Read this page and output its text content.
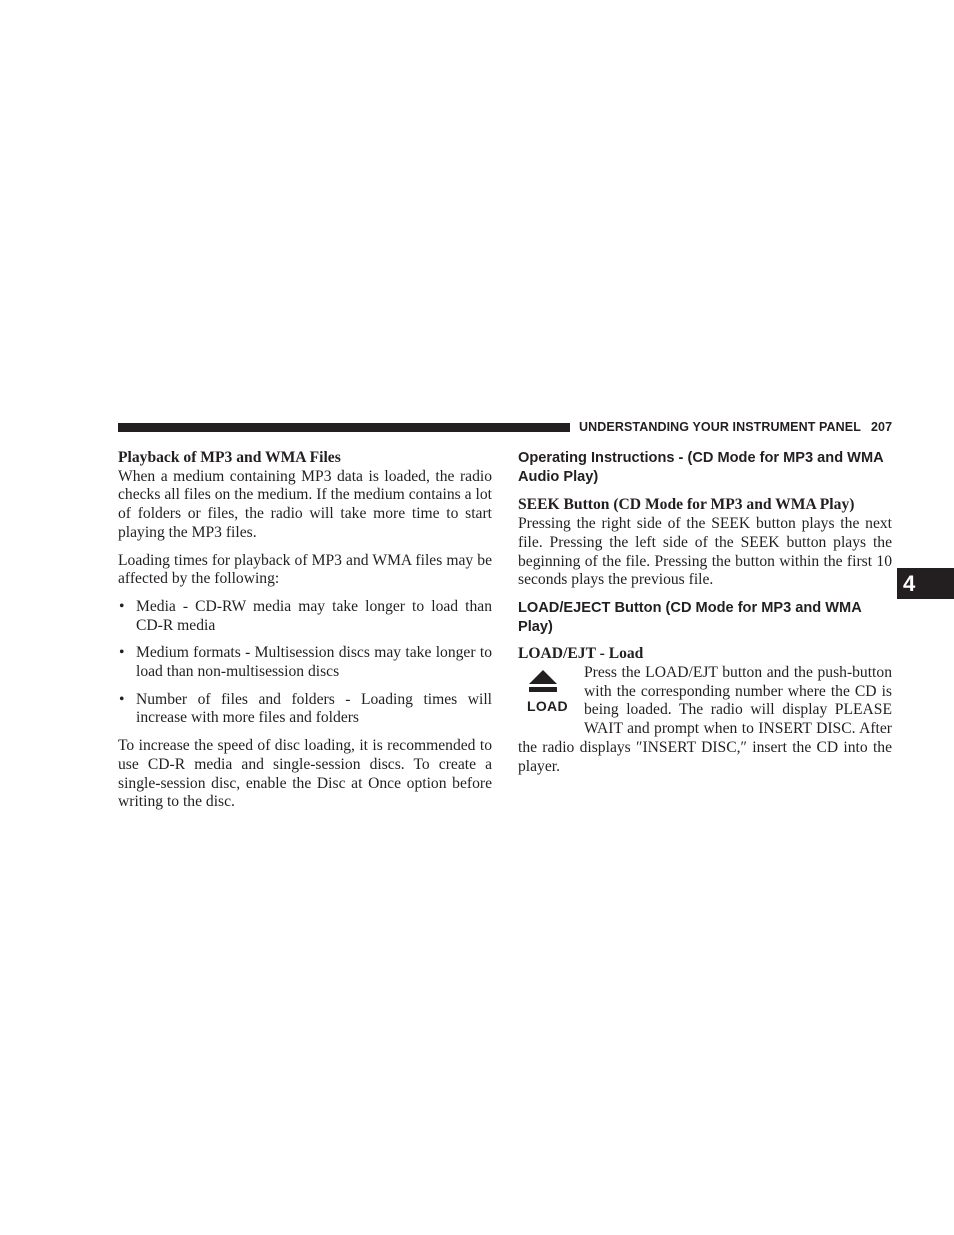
UNDERSTANDING YOUR INSTRUMENT PANEL 207
4

Playback of MP3 and WMA Files

When a medium containing MP3 data is loaded, the radio checks all files on the medium. If the medium contains a lot of folders or files, the radio will take more time to start playing the MP3 files.

Loading times for playback of MP3 and WMA files may be affected by the following:

• Media - CD-RW media may take longer to load than CD-R media
• Medium formats - Multisession discs may take longer to load than non-multisession discs
• Number of files and folders - Loading times will increase with more files and folders

To increase the speed of disc loading, it is recommended to use CD-R media and single-session discs. To create a single-session disc, enable the Disc at Once option before writing to the disc.

Operating Instructions - (CD Mode for MP3 and WMA Audio Play)

SEEK Button (CD Mode for MP3 and WMA Play)

Pressing the right side of the SEEK button plays the next file. Pressing the left side of the SEEK button plays the beginning of the file. Pressing the button within the first 10 seconds plays the previous file.

LOAD/EJECT Button (CD Mode for MP3 and WMA Play)

LOAD/EJT - Load

LOAD

Press the LOAD/EJT button and the push-button with the corresponding number where the CD is being loaded. The radio will display PLEASE WAIT and prompt when to INSERT DISC. After the radio displays ″INSERT DISC,″ insert the CD into the player.
